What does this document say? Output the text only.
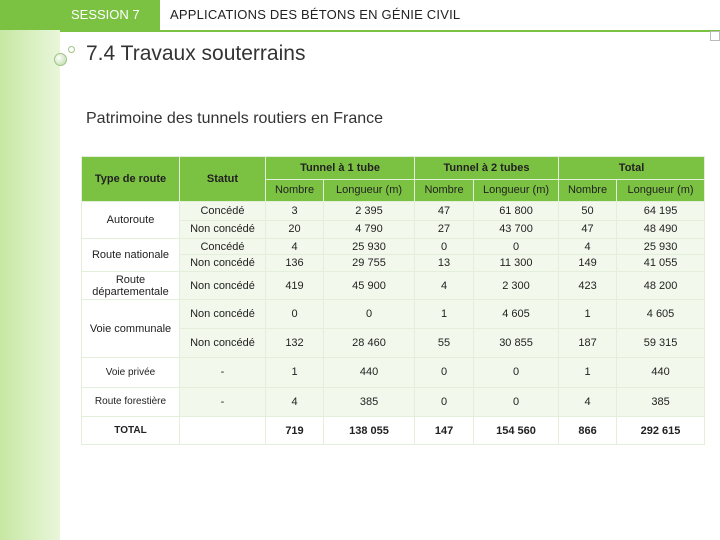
SESSION 7	APPLICATIONS DES BÉTONS EN GÉNIE CIVIL
7.4 Travaux souterrains
Patrimoine des tunnels routiers en France
Type de route	Statut	Tunnel à 1 tube		Tunnel à 2 tubes		Total	
		Nombre	Longueur (m)	Nombre	Longueur (m)	Nombre	Longueur (m)
Autoroute	Concédé	3	2 395	47	61 800	50	64 195
	Non concédé	20	4 790	27	43 700	47	48 490
Route nationale	Concédé	4	25 930	0	0	4	25 930
	Non concédé	136	29 755	13	11 300	149	41 055
Route départementale	Non concédé	419	45 900	4	2 300	423	48 200
Voie communale	Non concédé	0	0	1	4 605	1	4 605
	Non concédé	132	28 460	55	30 855	187	59 315
Voie privée	-	1	440	0	0	1	440
Route forestière	-	4	385	0	0	4	385
TOTAL		719	138 055	147	154 560	866	292 615
